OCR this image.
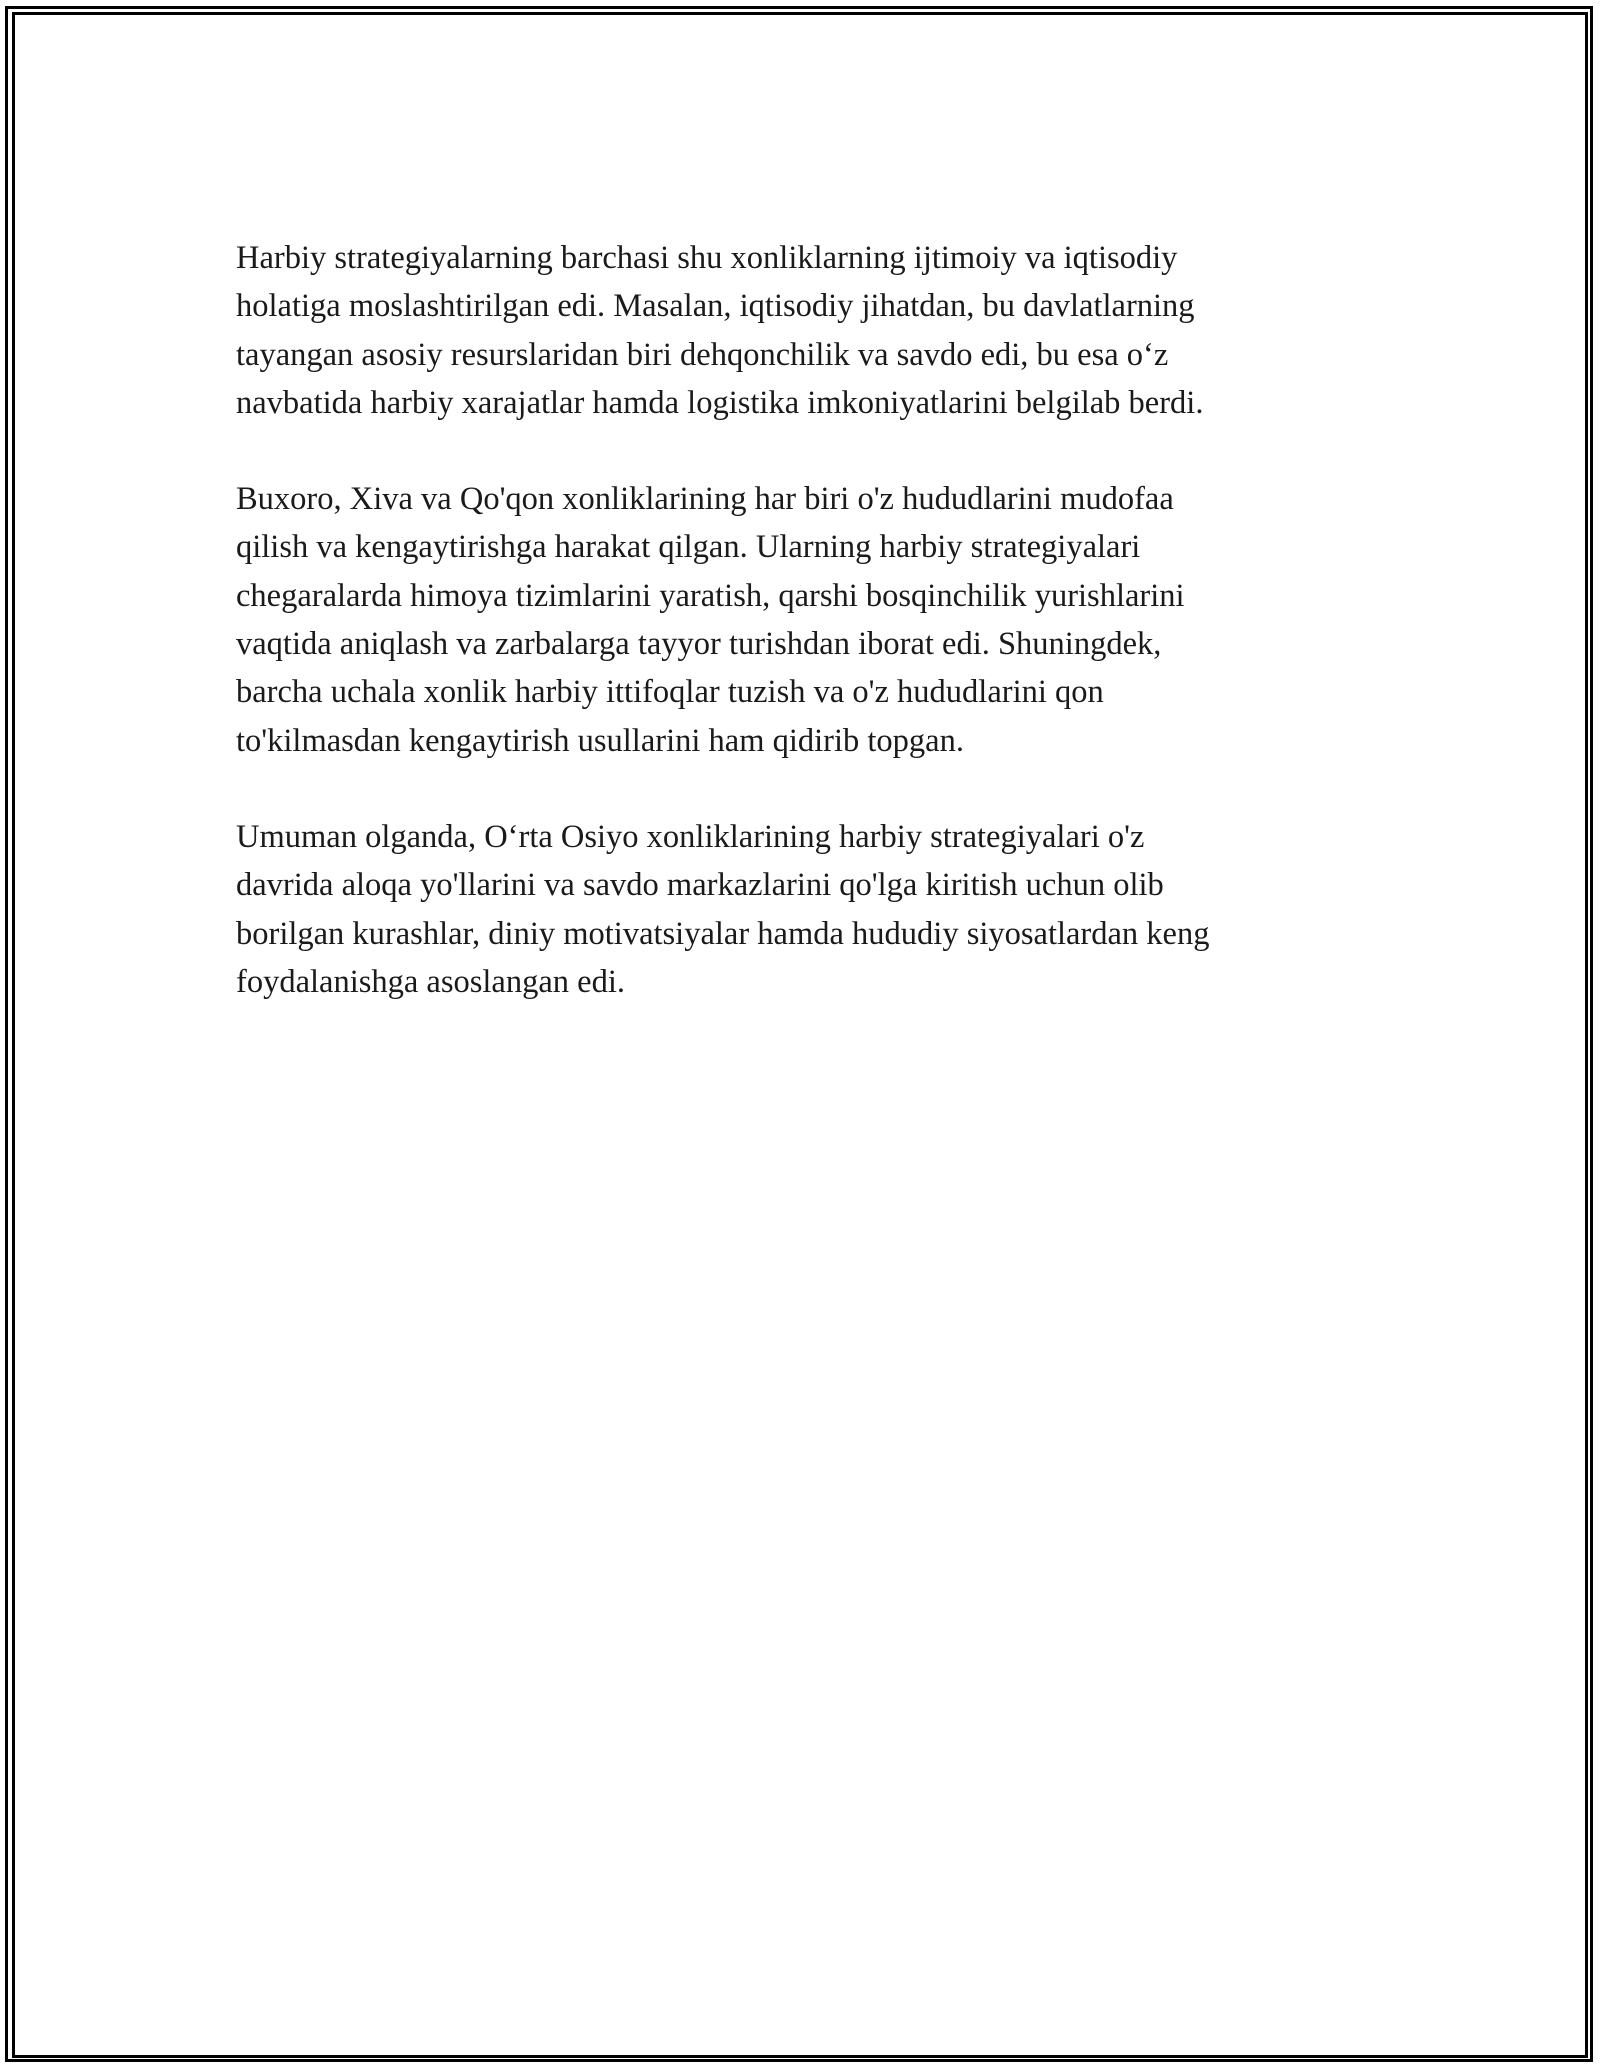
Harbiy strategiyalarning barchasi shu xonliklarning ijtimoiy va iqtisodiy
holatiga moslashtirilgan edi. Masalan, iqtisodiy jihatdan, bu davlatlarning
tayangan asosiy resurslaridan biri dehqonchilik va savdo edi, bu esa o‘z
navbatida harbiy xarajatlar hamda logistika imkoniyatlarini belgilab berdi.

Buxoro, Xiva va Qo'qon xonliklarining har biri o'z hududlarini mudofaa
qilish va kengaytirishga harakat qilgan. Ularning harbiy strategiyalari
chegaralarda himoya tizimlarini yaratish, qarshi bosqinchilik yurishlarini
vaqtida aniqlash va zarbalarga tayyor turishdan iborat edi. Shuningdek,
barcha uchala xonlik harbiy ittifoqlar tuzish va o'z hududlarini qon
to'kilmasdan kengaytirish usullarini ham qidirib topgan.

Umuman olganda, O‘rta Osiyo xonliklarining harbiy strategiyalari o'z
davrida aloqa yo'llarini va savdo markazlarini qo'lga kiritish uchun olib
borilgan kurashlar, diniy motivatsiyalar hamda hududiy siyosatlardan keng
foydalanishga asoslangan edi.
